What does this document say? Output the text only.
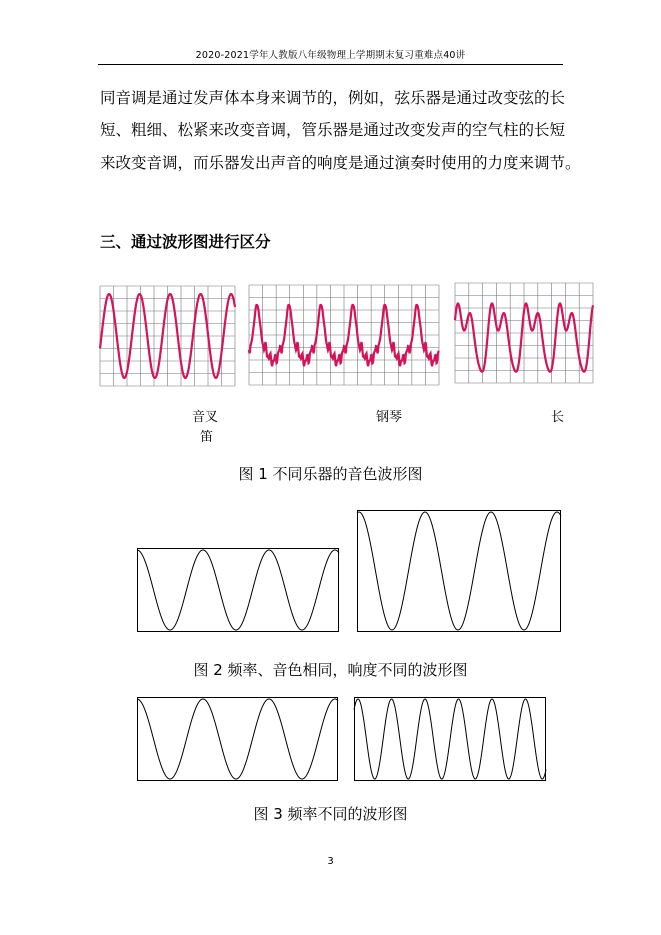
2020-2021学年人教版八年级物理上学期期末复习重难点40讲
同音调是通过发声体本身来调节的，例如，弦乐器是通过改变弦的长
短、粗细、松紧来改变音调，管乐器是通过改变发声的空气柱的长短
来改变音调，而乐器发出声音的响度是通过演奏时使用的力度来调节。
三、通过波形图进行区分
音叉	钢琴	长
笛
图 1 不同乐器的音色波形图
图 2 频率、音色相同，响度不同的波形图
图 3 频率不同的波形图
3
